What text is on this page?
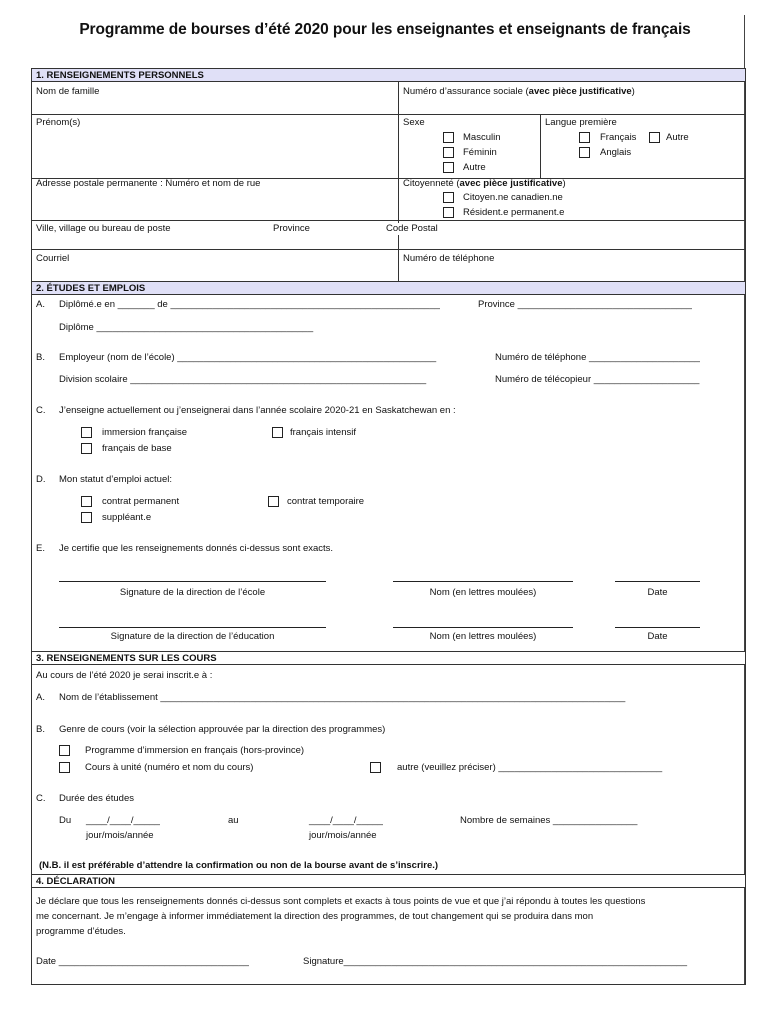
Programme de bourses d’été 2020 pour les enseignantes et enseignants de français
1. RENSEIGNEMENTS PERSONNELS
Nom de famille	Numéro d’assurance sociale (avec pièce justificative)
Prénom(s)	Sexe
Masculin
Féminin
Autre
Langue première
Français	Autre
Anglais
Adresse postale permanente : Numéro et nom de rue	Citoyenneté (avec pièce justificative)
Citoyen.ne canadien.ne
Résident.e permanent.e
Ville, village ou bureau de poste	Province	Code Postal
Courriel	Numéro de téléphone
2. ÉTUDES ET EMPLOIS
A. Diplômé.e en _______ de ___________________________________________________	Province _________________________________
Diplôme _________________________________________
B. Employeur (nom de l’école) _________________________________________________	Numéro de téléphone _____________________
Division scolaire ________________________________________________________	Numéro de télécopieur ____________________
C. J’enseigne actuellement ou j’enseignerai dans l’année scolaire 2020-21 en Saskatchewan en :
immersion française	français intensif
français de base
D. Mon statut d’emploi actuel:
contrat permanent	contrat temporaire
suppléant.e
E. Je certifie que les renseignements donnés ci-dessus sont exacts.
Signature de la direction de l’école	Nom (en lettres moulées)	Date
Signature de la direction de l’éducation	Nom (en lettres moulées)	Date
3. RENSEIGNEMENTS SUR LES COURS
Au cours de l’été 2020 je serai inscrit.e à :
A. Nom de l’établissement ________________________________________________________________________________________
B. Genre de cours (voir la sélection approuvée par la direction des programmes)
Programme d’immersion en français (hors-province)
Cours à unité (numéro et nom du cours)	autre (veuillez préciser) _______________________________
C. Durée des études
Du ____/____/_____
jour/mois/année
au	____/____/_____
jour/mois/année
Nombre de semaines ________________
(N.B. il est préférable d’attendre la confirmation ou non de la bourse avant de s’inscrire.)
4. DÉCLARATION
Je déclare que tous les renseignements donnés ci-dessus sont complets et exacts à tous points de vue et que j’ai répondu à toutes les questions
me concernant. Je m’engage à informer immédiatement la direction des programmes, de tout changement qui se produira dans mon
programme d’études.
Date ____________________________________	Signature_________________________________________________________________
